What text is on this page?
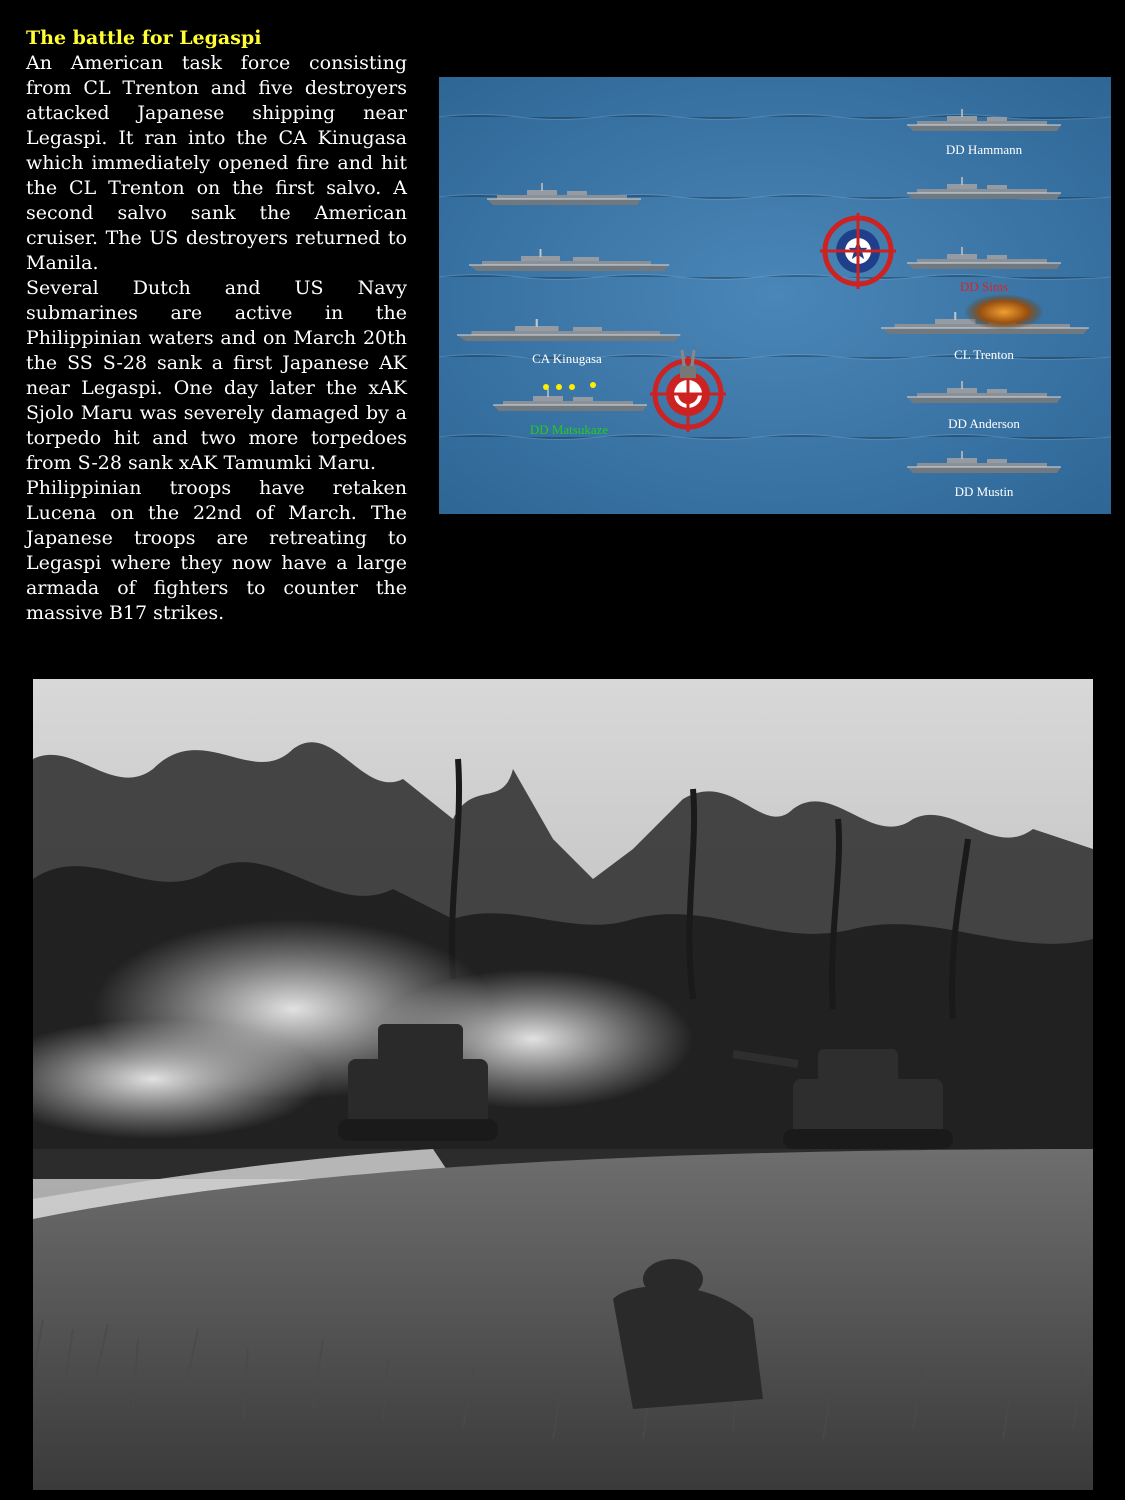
The battle for Legaspi

An American task force consisting from CL Trenton and five destroyers attacked Japanese shipping near Legaspi. It ran into the CA Kinugasa which immediately opened fire and hit the CL Trenton on the first salvo. A second salvo sank the American cruiser. The US destroyers returned to Manila.

Several Dutch and US Navy submarines are active in the Philippinian waters and on March 20th the SS S-28 sank a first Japanese AK near Legaspi. One day later the xAK Sjolo Maru was severely damaged by a torpedo hit and two more torpedoes from S-28 sank xAK Tamumki Maru.

Philippinian troops have retaken Lucena on the 22nd of March. The Japanese troops are retreating to Legaspi where they now have a large armada of fighters to counter the massive B17 strikes.

CA Kinugasa
DD Matsukaze
DD Hammann
DD Sims
CL Trenton
DD Anderson
DD Mustin
